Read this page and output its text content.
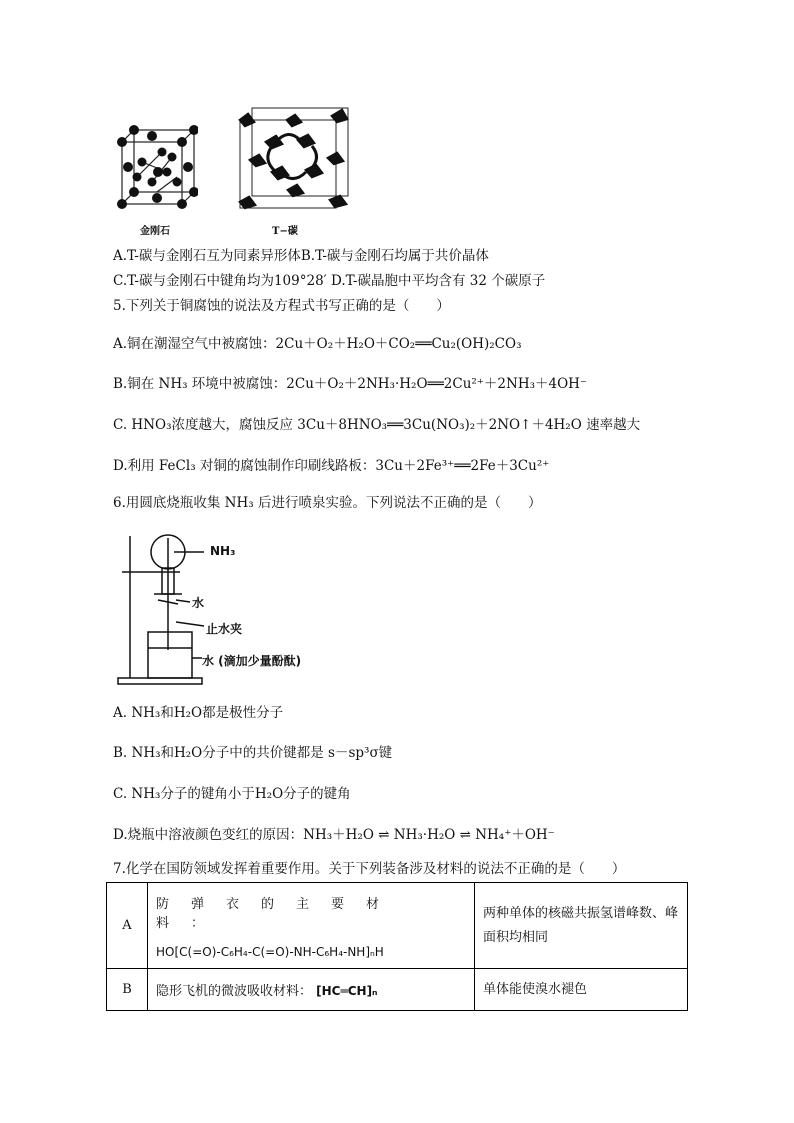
金刚石	T−碳
A.T-碳与金刚石互为同素异形体B.T-碳与金刚石均属于共价晶体
C.T-碳与金刚石中键角均为109°28′ D.T-碳晶胞中平均含有 32 个碳原子
5.下列关于铜腐蚀的说法及方程式书写正确的是（　　）
A.铜在潮湿空气中被腐蚀：2Cu＋O₂＋H₂O＋CO₂══Cu₂(OH)₂CO₃
B.铜在 NH₃ 环境中被腐蚀：2Cu＋O₂＋2NH₃·H₂O══2Cu²⁺＋2NH₃＋4OH⁻
C. HNO₃浓度越大，腐蚀反应 3Cu＋8HNO₃══3Cu(NO₃)₂＋2NO↑＋4H₂O 速率越大
D.利用 FeCl₃ 对铜的腐蚀制作印刷线路板：3Cu＋2Fe³⁺══2Fe＋3Cu²⁺
6.用圆底烧瓶收集 NH₃ 后进行喷泉实验。下列说法不正确的是（　　）
NH₃
水
止水夹
水 (滴加少量酚酞)
A. NH₃和H₂O都是极性分子
B. NH₃和H₂O分子中的共价键都是 s－sp³σ键
C. NH₃分子的键角小于H₂O分子的键角
D.烧瓶中溶液颜色变红的原因：NH₃＋H₂O ⇌ NH₃·H₂O ⇌ NH₄⁺＋OH⁻
7.化学在国防领域发挥着重要作用。关于下列装备涉及材料的说法不正确的是（　　）
A	防弹衣的主要材料：
HO[C(=O)-C₆H₄-C(=O)-NH-C₆H₄-NH]ₙH	两种单体的核磁共振氢谱峰数、峰面积均相同
B	隐形飞机的微波吸收材料： [HC═CH]ₙ	单体能使溴水褪色
